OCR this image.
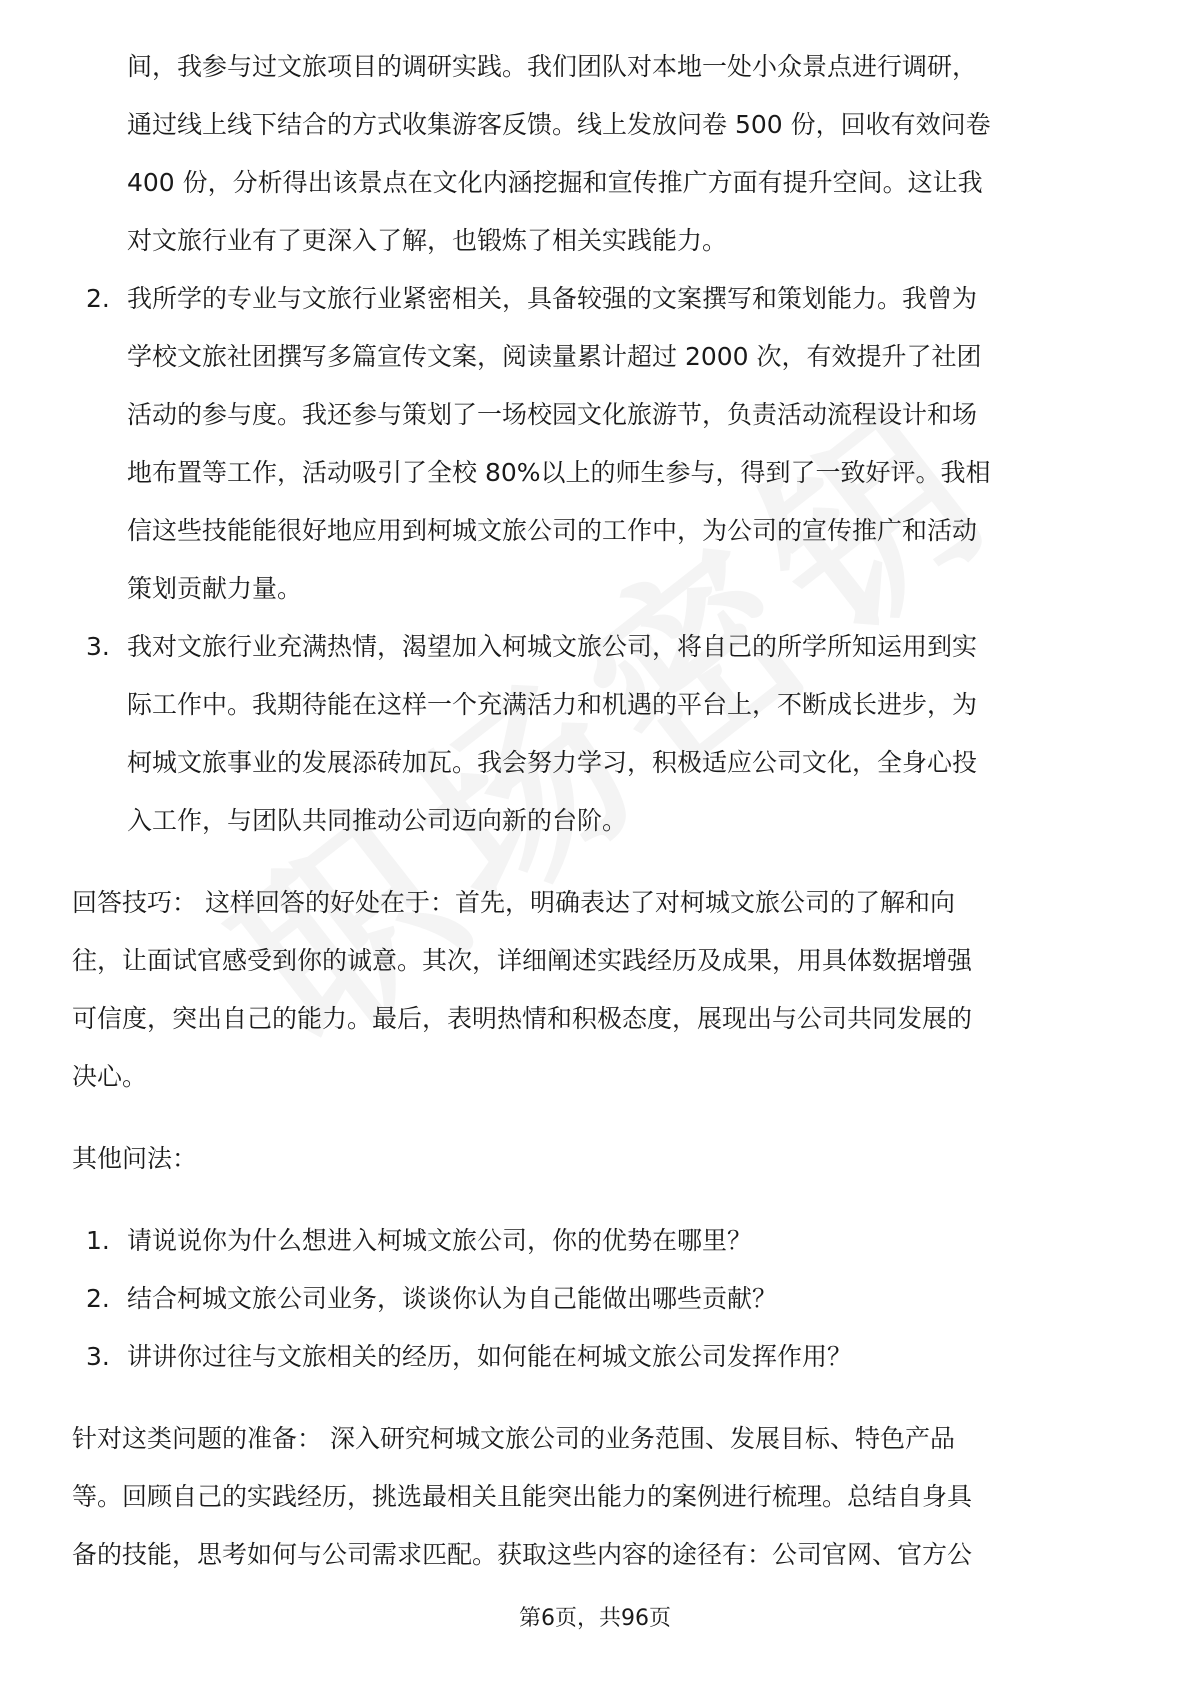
间，我参与过文旅项目的调研实践。我们团队对本地一处小众景点进行调研，
通过线上线下结合的方式收集游客反馈。线上发放问卷 500 份，回收有效问卷
400 份，分析得出该景点在文化内涵挖掘和宣传推广方面有提升空间。这让我
对文旅行业有了更深入了解，也锻炼了相关实践能力。
2. 我所学的专业与文旅行业紧密相关，具备较强的文案撰写和策划能力。我曾为
学校文旅社团撰写多篇宣传文案，阅读量累计超过 2000 次，有效提升了社团
活动的参与度。我还参与策划了一场校园文化旅游节，负责活动流程设计和场
地布置等工作，活动吸引了全校 80%以上的师生参与，得到了一致好评。我相
信这些技能能很好地应用到柯城文旅公司的工作中，为公司的宣传推广和活动
策划贡献力量。
3. 我对文旅行业充满热情，渴望加入柯城文旅公司，将自己的所学所知运用到实
际工作中。我期待能在这样一个充满活力和机遇的平台上，不断成长进步，为
柯城文旅事业的发展添砖加瓦。我会努力学习，积极适应公司文化，全身心投
入工作，与团队共同推动公司迈向新的台阶。
回答技巧： 这样回答的好处在于：首先，明确表达了对柯城文旅公司的了解和向
往，让面试官感受到你的诚意。其次，详细阐述实践经历及成果，用具体数据增强
可信度，突出自己的能力。最后，表明热情和积极态度，展现出与公司共同发展的
决心。
其他问法：
1. 请说说你为什么想进入柯城文旅公司，你的优势在哪里？
2. 结合柯城文旅公司业务，谈谈你认为自己能做出哪些贡献？
3. 讲讲你过往与文旅相关的经历，如何能在柯城文旅公司发挥作用？
针对这类问题的准备： 深入研究柯城文旅公司的业务范围、发展目标、特色产品
等。回顾自己的实践经历，挑选最相关且能突出能力的案例进行梳理。总结自身具
备的技能，思考如何与公司需求匹配。获取这些内容的途径有：公司官网、官方公
第6页，共96页
